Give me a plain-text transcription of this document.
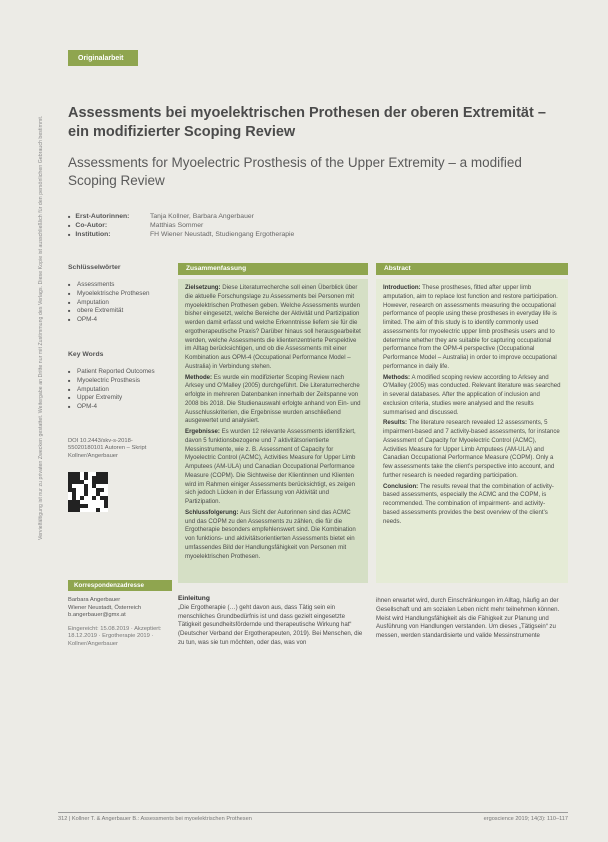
Vervielfältigung ist nur zu privaten Zwecken gestattet. Weitergabe an Dritte nur mit Zustimmung des Verlags. Diese Kopie ist ausschließlich für den persönlichen Gebrauch bestimmt.
Originalarbeit
Assessments bei myoelektrischen Prothesen der oberen Extremität – ein modifizierter Scoping Review
Assessments for Myoelectric Prosthesis of the Upper Extremity – a modified Scoping Review
■ Erst-Autorinnen:	Tanja Kollner, Barbara Angerbauer
■ Co-Autor:	Matthias Sommer
■ Institution:	FH Wiener Neustadt, Studiengang Ergotherapie
Schlüsselwörter
■ Assessments
■ Myoelektrische Prothesen
■ Amputation
■ obere Extremität
■ OPM-4
Key Words
■ Patient Reported Outcomes
■ Myoelectric Prosthesis
■ Amputation
■ Upper Extremity
■ OPM-4
DOI 10.2443/skv-s-2018-55020180101 Autoren – Skript Kollner/Angerbauer
Zusammenfassung

Zielsetzung: Diese Literaturrecherche soll einen Überblick über die aktuelle Forschungslage zu Assessments bei Personen mit myoelektrischen Prothesen geben. Welche Assessments wurden bisher eingesetzt, welche Bereiche der Aktivität und Partizipation werden damit erfasst und welche Erkenntnisse liefern sie für die ergotherapeutische Praxis? Darüber hinaus soll herausgearbeitet werden, welche Assessments die klientenzentrierte Perspektive im Alltag berücksichtigen, und ob die Assessments mit einer Kombination aus OPM-4 (Occupational Performance Model – Australia) in Verbindung stehen.

Methode: Es wurde ein modifizierter Scoping Review nach Arksey und O’Malley (2005) durchgeführt. Die Literaturrecherche erfolgte in mehreren Datenbanken innerhalb der Zeitspanne von 2008 bis 2018. Die Studienauswahl erfolgte anhand von Ein- und Ausschlusskriterien, die Ergebnisse wurden anschließend ausgewertet und analysiert.

Ergebnisse: Es wurden 12 relevante Assessments identifiziert, davon 5 funktionsbezogene und 7 aktivitätsorientierte Messinstrumente, wie z. B. Assessment of Capacity for Myoelectric Control (ACMC), Activities Measure for Upper Limb Amputees (AM-ULA) und Canadian Occupational Performance Measure (COPM). Die Sichtweise der Klientinnen und Klienten wird im Rahmen einiger Assessments berücksichtigt, es zeigen sich jedoch Lücken in der Erfassung von Aktivität und Partizipation.

Schlussfolgerung: Aus Sicht der Autorinnen sind das ACMC und das COPM zu den Assessments zu zählen, die für die Ergotherapie besonders empfehlenswert sind. Die Kombination von funktions- und aktivitätsorientierten Assessments bietet ein umfassendes Bild der Handlungsfähigkeit von Personen mit myoelektrischen Prothesen.

Abstract

Introduction: These prostheses, fitted after upper limb amputation, aim to replace lost function and restore participation. However, research on assessments measuring the occupational performance of people using these prostheses in everyday life is limited. The aim of this study is to identify commonly used assessments for myoelectric upper limb prosthesis users and to determine whether they are suitable for capturing occupational performance from the OPM-4 perspective (Occupational Performance Model – Australia) in order to improve occupational performance in daily life.

Methods: A modified scoping review according to Arksey and O’Malley (2005) was conducted. Relevant literature was searched in several databases. After the application of inclusion and exclusion criteria, studies were analysed and the results summarised and discussed.

Results: The literature research revealed 12 assessments, 5 impairment-based and 7 activity-based assessments, for instance Assessment of Capacity for Myoelectric Control (ACMC), Activities Measure for Upper Limb Amputees (AM-ULA) and Canadian Occupational Performance Measure (COPM). Only a few assessments take the client’s perspective into account, and further research is needed regarding participation.

Conclusion: The results reveal that the combination of activity-based assessments, especially the ACMC and the COPM, is recommended. The combination of impairment- and activity-based assessments provides the best overview of the client’s needs.

Korrespondenzadresse
Barbara Angerbauer
Wiener Neustadt, Österreich
b.angerbauer@gmx.at
Eingereicht: 15.08.2019 · Akzeptiert: 18.12.2019 · Ergotherapie 2019 · Kollner/Angerbauer
Einleitung

„Die Ergotherapie (…) geht davon aus, dass Tätig sein ein menschliches Grundbedürfnis ist und dass gezielt eingesetzte Tätigkeit gesundheitsfördernde und therapeutische Wirkung hat“ (Deutscher Verband der Ergotherapeuten, 2019). Bei Menschen, die zu tun, was sie tun möchten, oder das, was von

ihnen erwartet wird, durch Einschränkungen im Alltag, häufig an der Gesellschaft und am sozialen Leben nicht mehr teilnehmen können. Meist wird Handlungsfähigkeit als die Fähigkeit zur Planung und Ausführung von Handlungen verstanden. Um dieses „Tätigsein“ zu messen, werden standardisierte und valide Messinstrumente

312 | Kollner T. & Angerbauer B.: Assessments bei myoelektrischen Prothesen	ergoscience 2019; 14(3): 110–117
